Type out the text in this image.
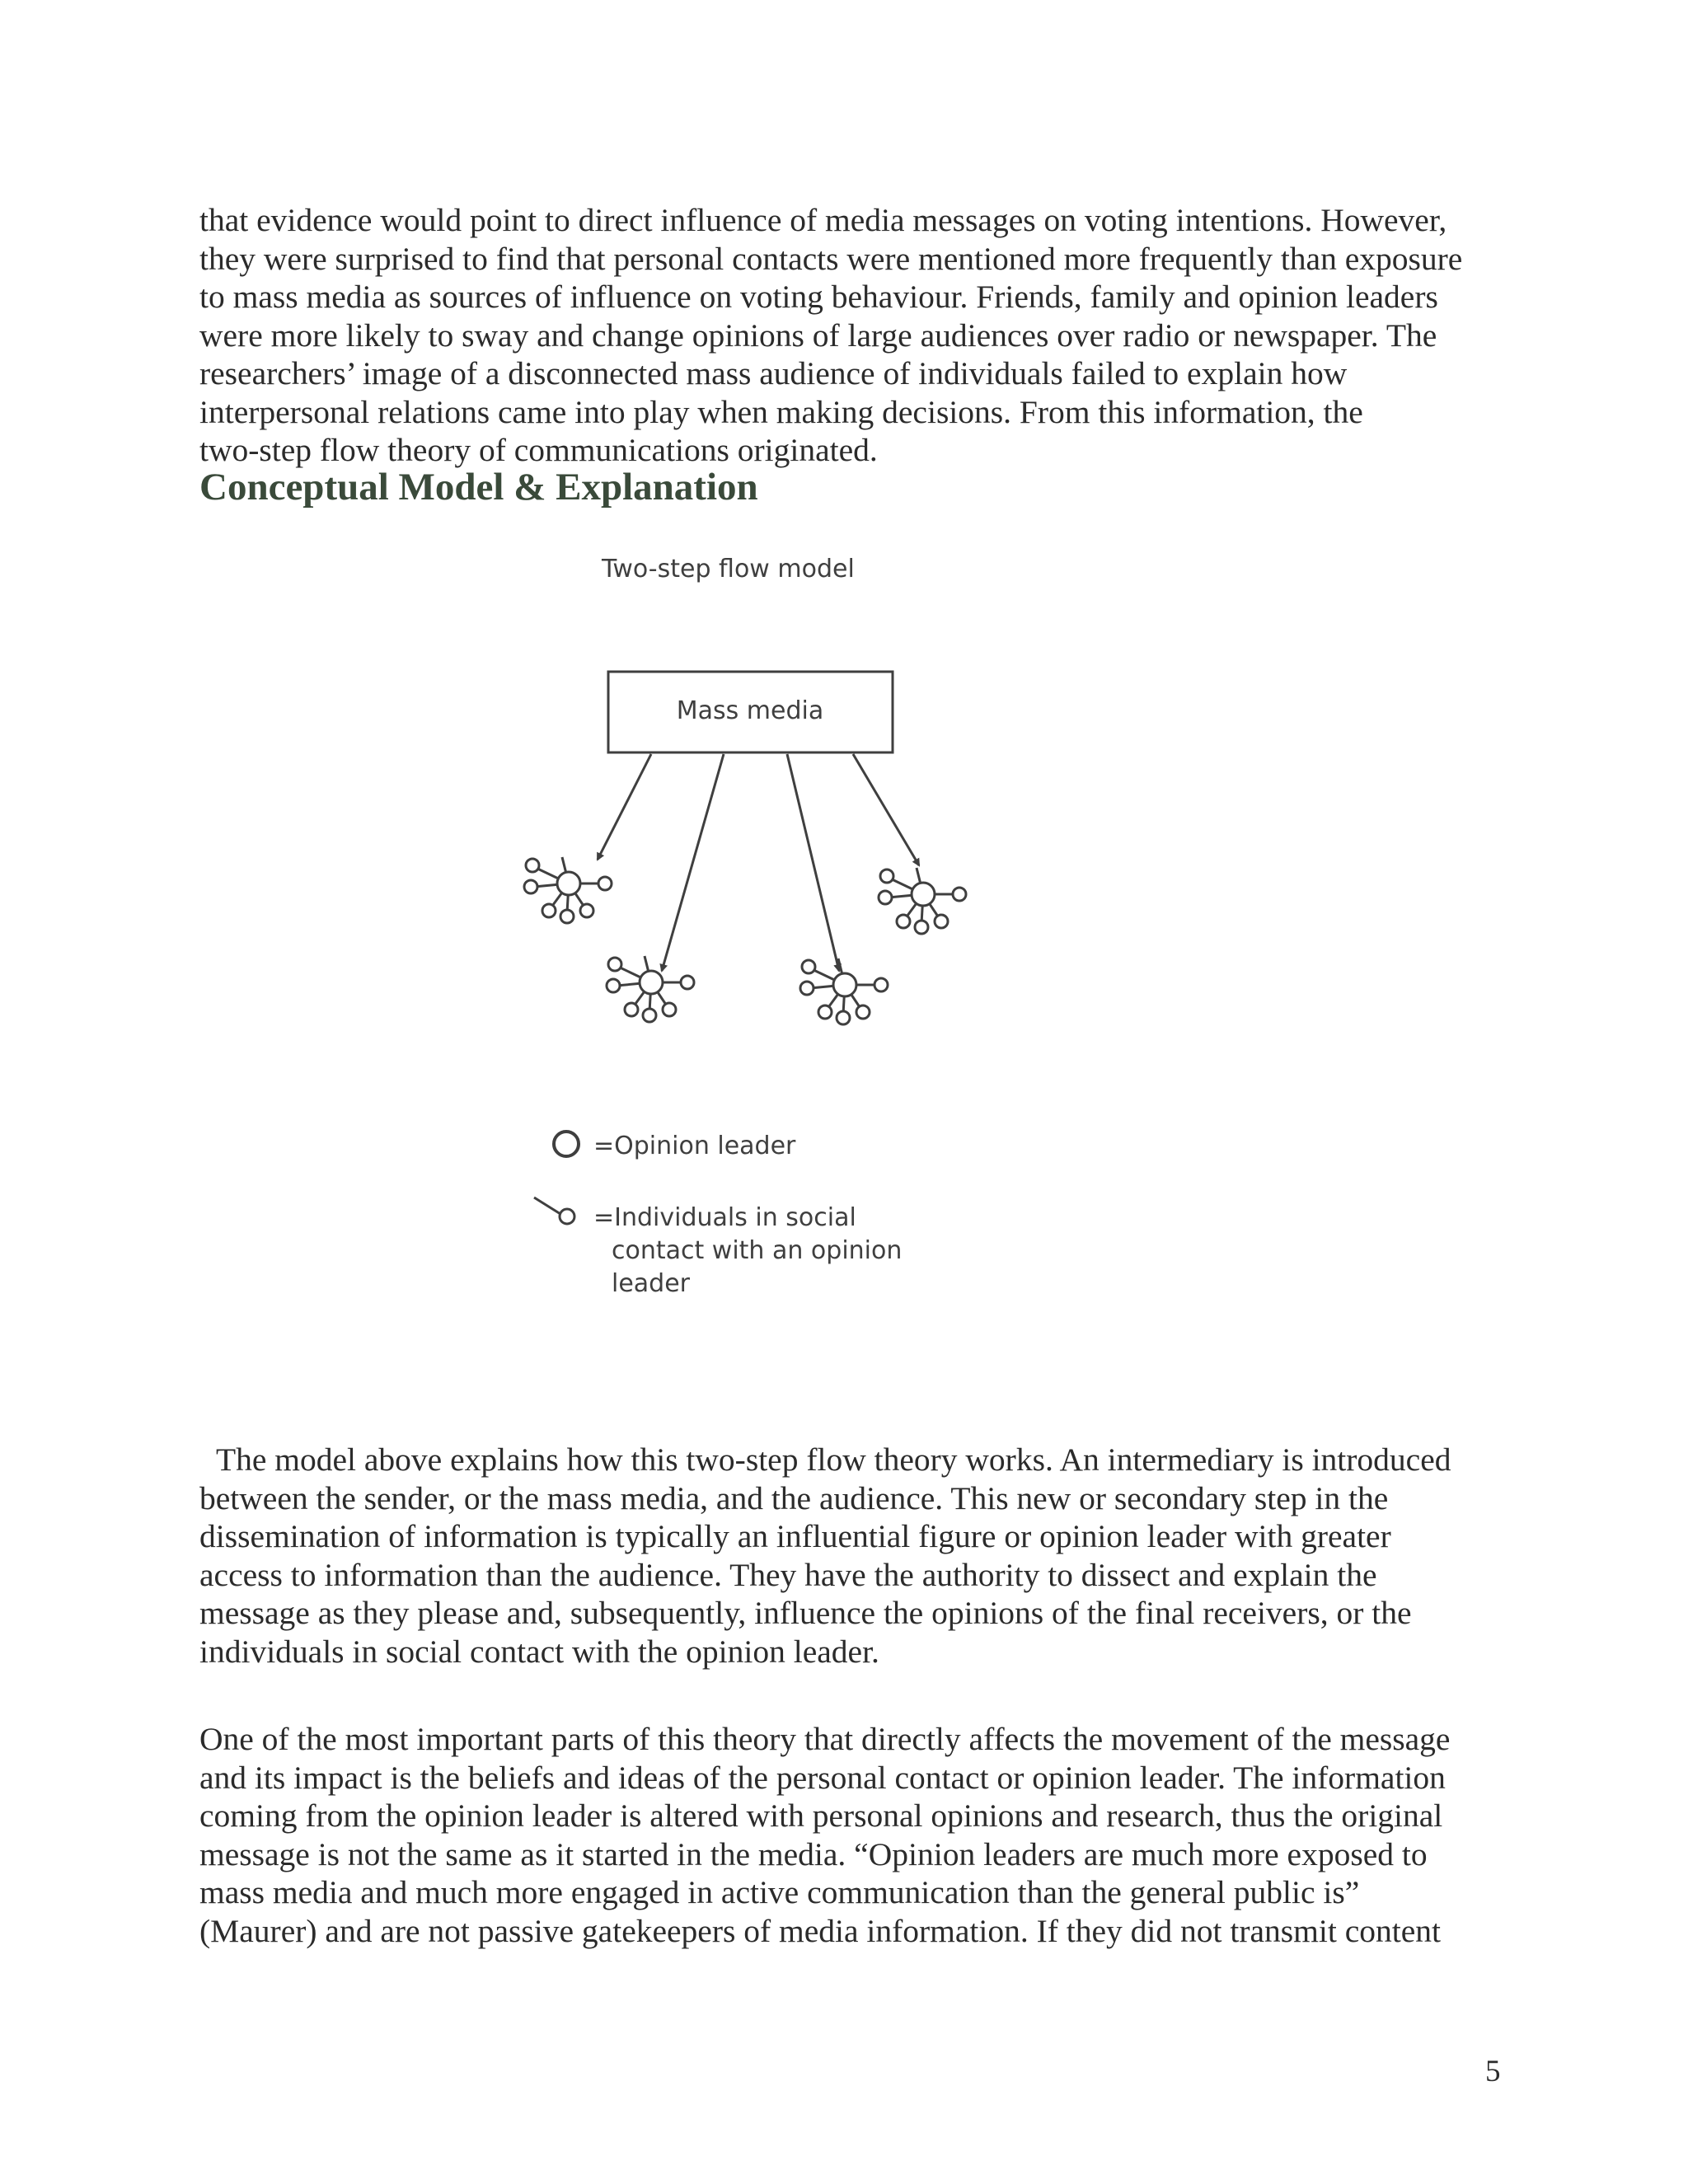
that evidence would point to direct influence of media messages on voting intentions. However,
they were surprised to find that personal contacts were mentioned more frequently than exposure
to mass media as sources of influence on voting behaviour. Friends, family and opinion leaders
were more likely to sway and change opinions of large audiences over radio or newspaper. The
researchers’ image of a disconnected mass audience of individuals failed to explain how
interpersonal relations came into play when making decisions. From this information, the
two-step flow theory of communications originated.
Conceptual Model & Explanation
Two-step flow model
Mass media
=Opinion leader
=Individuals in social
contact with an opinion
leader
The model above explains how this two-step flow theory works. An intermediary is introduced
between the sender, or the mass media, and the audience. This new or secondary step in the
dissemination of information is typically an influential figure or opinion leader with greater
access to information than the audience. They have the authority to dissect and explain the
message as they please and, subsequently, influence the opinions of the final receivers, or the
individuals in social contact with the opinion leader.
One of the most important parts of this theory that directly affects the movement of the message
and its impact is the beliefs and ideas of the personal contact or opinion leader. The information
coming from the opinion leader is altered with personal opinions and research, thus the original
message is not the same as it started in the media. “Opinion leaders are much more exposed to
mass media and much more engaged in active communication than the general public is”
(Maurer) and are not passive gatekeepers of media information. If they did not transmit content
5
